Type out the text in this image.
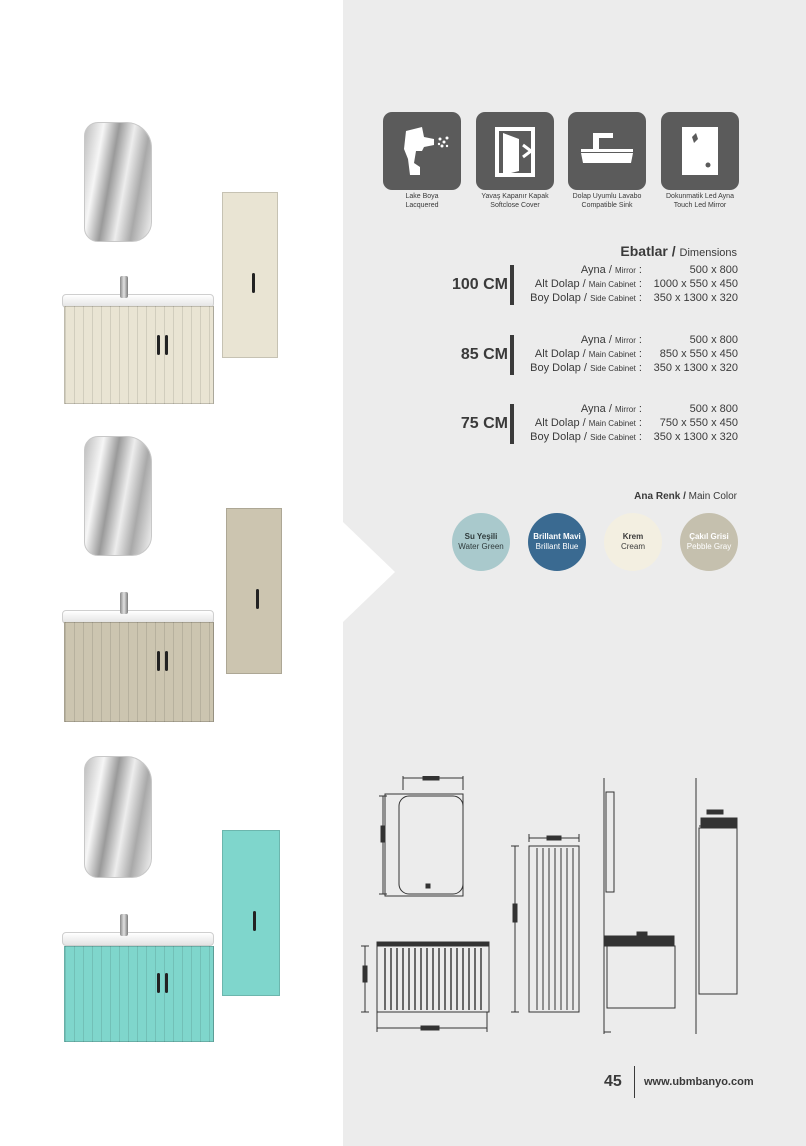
Lake Boya
Lacquered
Yavaş Kapanır Kapak
Softclose Cover
Dolap Uyumlu Lavabo
Compatible Sink
Dokunmatik Led Ayna
Touch Led Mirror
Ebatlar / Dimensions
100 CM
Ayna / Mirror :	500 x 800
Alt Dolap / Main Cabinet : 1000 x 550 x 450
Boy Dolap / Side Cabinet : 350 x 1300 x 320
85 CM
Ayna / Mirror :	500 x 800
Alt Dolap / Main Cabinet : 850 x 550 x 450
Boy Dolap / Side Cabinet : 350 x 1300 x 320
75 CM
Ayna / Mirror :	500 x 800
Alt Dolap / Main Cabinet : 750 x 550 x 450
Boy Dolap / Side Cabinet : 350 x 1300 x 320
Ana Renk / Main Color
Su Yeşili
Water Green
Brillant Mavi
Brillant Blue
Krem
Cream
Çakıl Grisi
Pebble Gray
45 www.ubmbanyo.com
